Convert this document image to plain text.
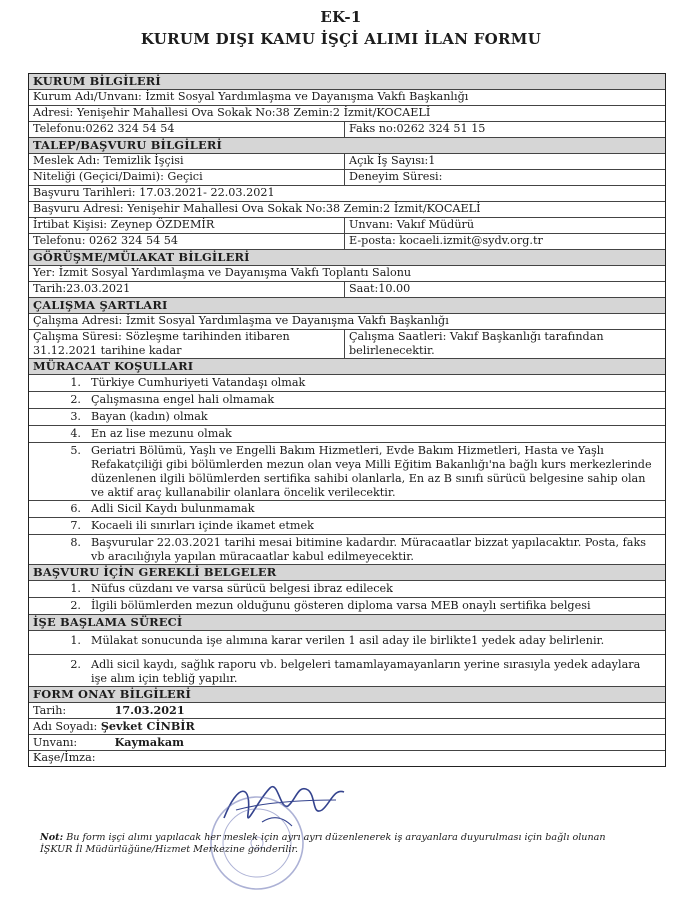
EK-1
KURUM DIŞI KAMU İŞÇİ ALIMI İLAN FORMU
KURUM BİLGİLERİ
Kurum Adı/Unvanı: İzmit Sosyal Yardımlaşma ve Dayanışma Vakfı Başkanlığı
Adresi: Yenişehir Mahallesi Ova Sokak No:38 Zemin:2 İzmit/KOCAELİ
Telefonu:0262 324 54 54	Faks no:0262 324 51 15
TALEP/BAŞVURU BİLGİLERİ
Meslek Adı: Temizlik İşçisi	Açık İş Sayısı:1
Niteliği (Geçici/Daimi): Geçici	Deneyim Süresi:
Başvuru Tarihleri: 17.03.2021- 22.03.2021
Başvuru Adresi: Yenişehir Mahallesi Ova Sokak No:38 Zemin:2 İzmit/KOCAELİ
İrtibat Kişisi: Zeynep ÖZDEMİR	Unvanı: Vakıf Müdürü
Telefonu: 0262 324 54 54	E-posta: kocaeli.izmit@sydv.org.tr
GÖRÜŞME/MÜLAKAT BİLGİLERİ
Yer: İzmit Sosyal Yardımlaşma ve Dayanışma Vakfı Toplantı Salonu
Tarih:23.03.2021	Saat:10.00
ÇALIŞMA ŞARTLARI
Çalışma Adresi: İzmit Sosyal Yardımlaşma ve Dayanışma Vakfı Başkanlığı
Çalışma Süresi: Sözleşme tarihinden itibaren 31.12.2021 tarihine kadar
Çalışma Saatleri: Vakıf Başkanlığı tarafından belirlenecektir.
MÜRACAAT KOŞULLARI
1. Türkiye Cumhuriyeti Vatandaşı olmak
2. Çalışmasına engel hali olmamak
3. Bayan (kadın) olmak
4. En az lise mezunu olmak
5. Geriatri Bölümü, Yaşlı ve Engelli Bakım Hizmetleri, Evde Bakım Hizmetleri, Hasta ve Yaşlı Refakatçiliği gibi bölümlerden mezun olan veya Milli Eğitim Bakanlığı'na bağlı kurs merkezlerinde düzenlenen ilgili bölümlerden sertifika sahibi olanlarla, En az B sınıfı sürücü belgesine sahip olan ve aktif araç kullanabilir olanlara öncelik verilecektir.
6. Adli Sicil Kaydı bulunmamak
7. Kocaeli ili sınırları içinde ikamet etmek
8. Başvurular 22.03.2021 tarihi mesai bitimine kadardır. Müracaatlar bizzat yapılacaktır. Posta, faks vb aracılığıyla yapılan müracaatlar kabul edilmeyecektir.
BAŞVURU İÇİN GEREKLİ BELGELER
1. Nüfus cüzdanı ve varsa sürücü belgesi ibraz edilecek
2. İlgili bölümlerden mezun olduğunu gösteren diploma varsa MEB onaylı sertifika belgesi
İŞE BAŞLAMA SÜRECİ
1. Mülakat sonucunda işe alımına karar verilen 1 asil aday ile birlikte1 yedek aday belirlenir.
2. Adli sicil kaydı, sağlık raporu vb. belgeleri tamamlayamayanların yerine sırasıyla yedek adaylara işe alım için tebliğ yapılır.
FORM ONAY BİLGİLERİ
Tarih:	17.03.2021
Adı Soyadı: Şevket CİNBİR
Unvanı:	Kaymakam
Kaşe/İmza:
Not: Bu form işçi alımı yapılacak her meslek için ayrı ayrı düzenlenerek iş arayanlara duyurulması için bağlı olunan İŞKUR İl Müdürlüğüne/Hizmet Merkezine gönderilir.
